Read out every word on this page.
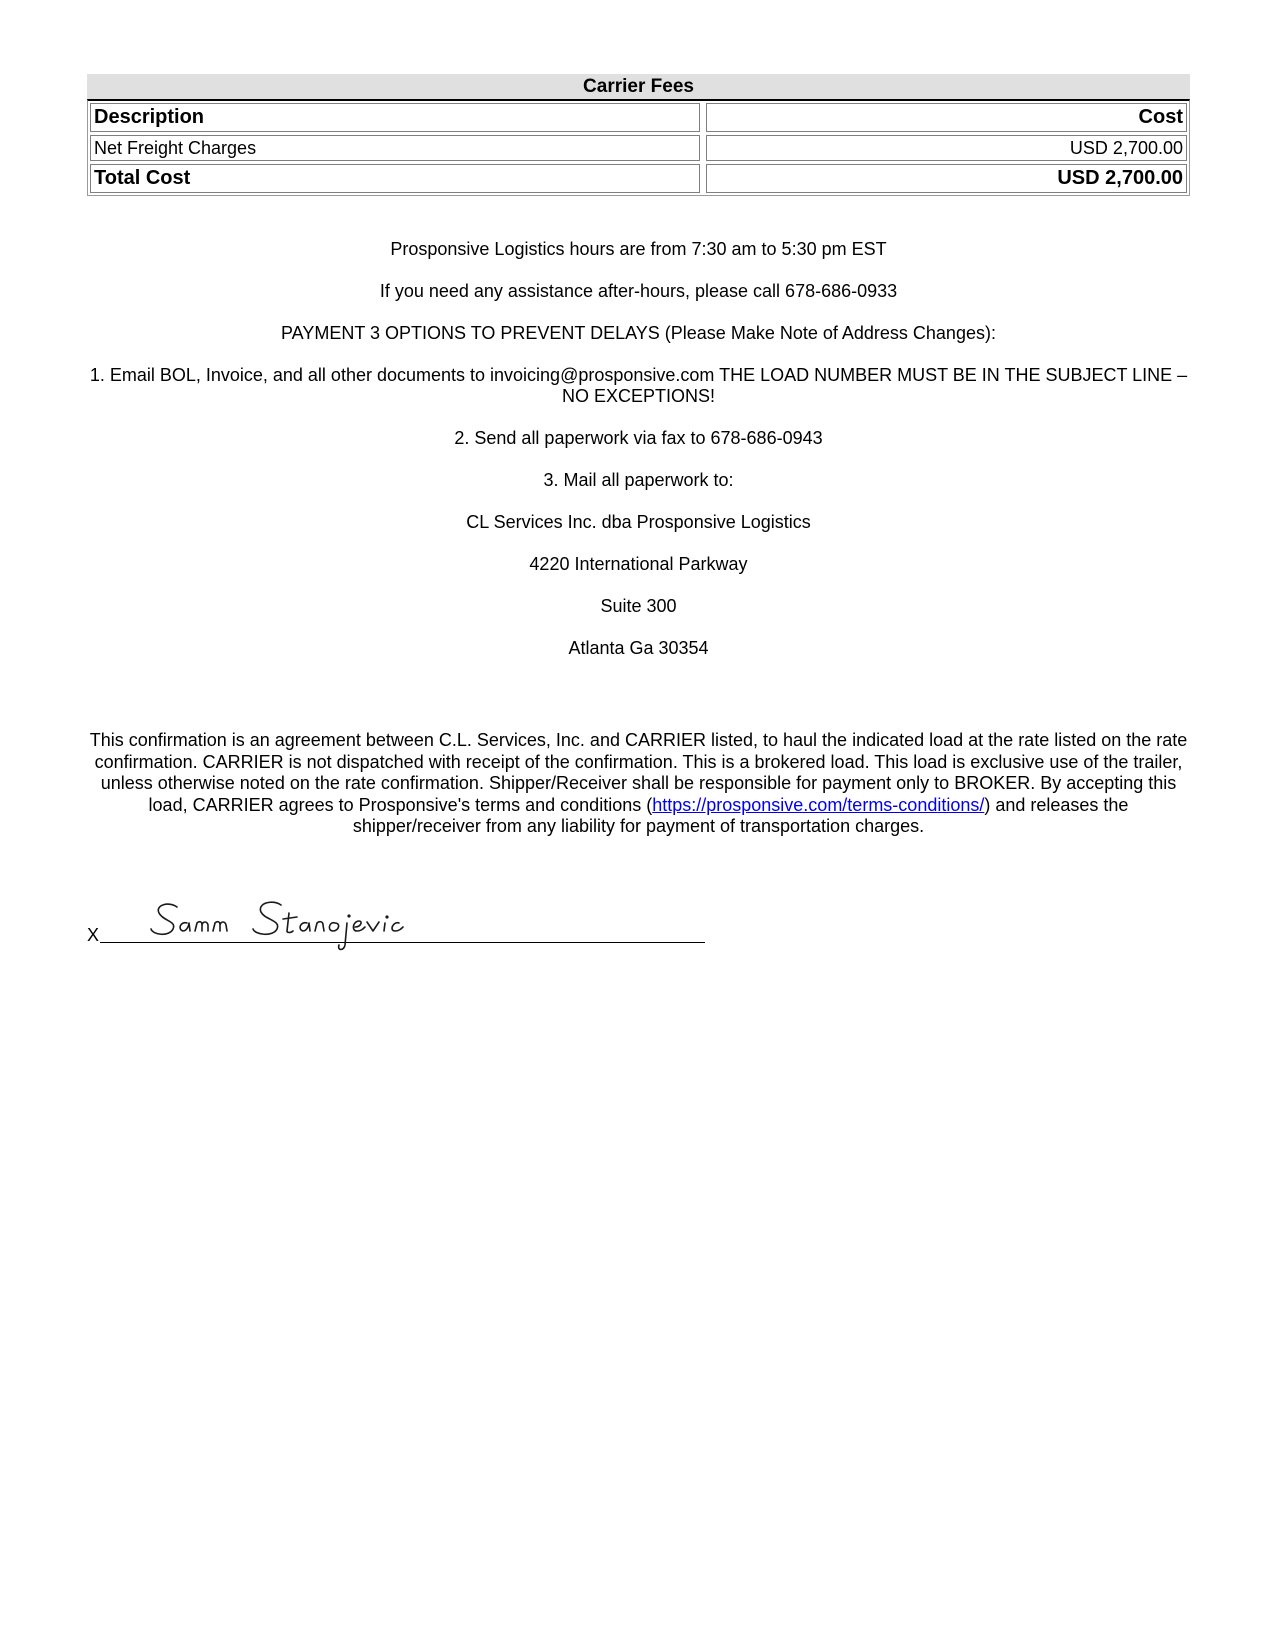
Carrier Fees
Description	Cost
Net Freight Charges	USD 2,700.00
Total Cost	USD 2,700.00

Prosponsive Logistics hours are from 7:30 am to 5:30 pm EST

If you need any assistance after-hours, please call 678-686-0933

PAYMENT 3 OPTIONS TO PREVENT DELAYS (Please Make Note of Address Changes):

1. Email BOL, Invoice, and all other documents to invoicing@prosponsive.com THE LOAD NUMBER MUST BE IN THE SUBJECT LINE – NO EXCEPTIONS!

2. Send all paperwork via fax to 678-686-0943

3. Mail all paperwork to:

CL Services Inc. dba Prosponsive Logistics

4220 International Parkway

Suite 300

Atlanta Ga 30354

This confirmation is an agreement between C.L. Services, Inc. and CARRIER listed, to haul the indicated load at the rate listed on the rate confirmation. CARRIER is not dispatched with receipt of the confirmation. This is a brokered load. This load is exclusive use of the trailer, unless otherwise noted on the rate confirmation. Shipper/Receiver shall be responsible for payment only to BROKER. By accepting this load, CARRIER agrees to Prosponsive's terms and conditions (https://prosponsive.com/terms-conditions/) and releases the shipper/receiver from any liability for payment of transportation charges.
X
